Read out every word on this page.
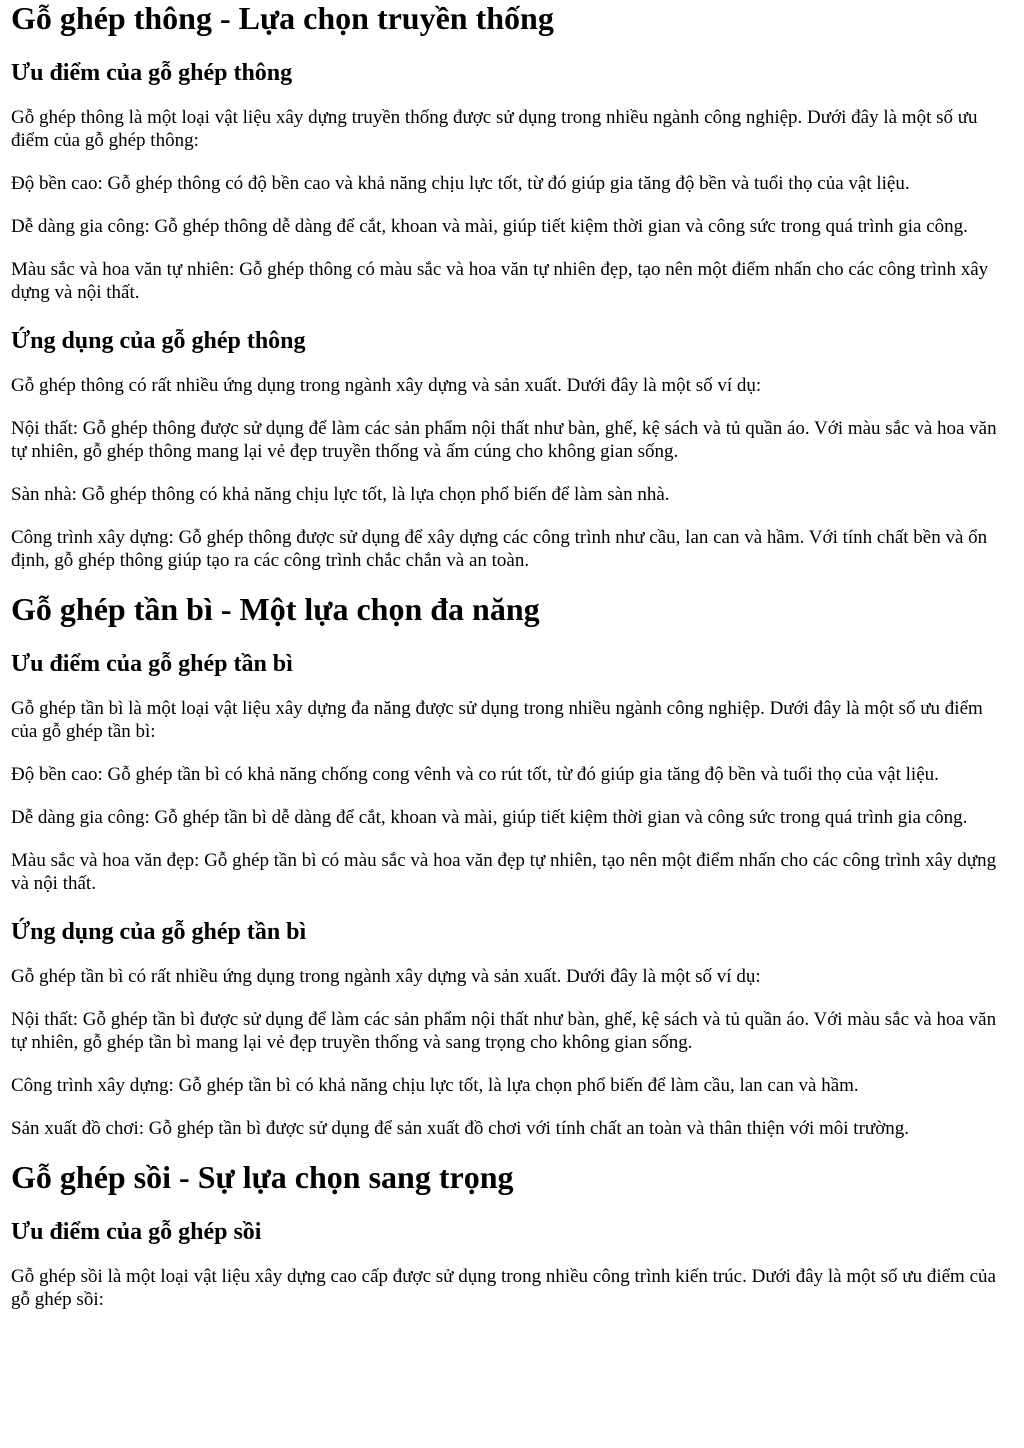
Gỗ ghép thông - Lựa chọn truyền thống
Ưu điểm của gỗ ghép thông

Gỗ ghép thông là một loại vật liệu xây dựng truyền thống được sử dụng trong nhiều ngành công nghiệp. Dưới đây là một số ưu điểm của gỗ ghép thông:

Độ bền cao: Gỗ ghép thông có độ bền cao và khả năng chịu lực tốt, từ đó giúp gia tăng độ bền và tuổi thọ của vật liệu.

Dễ dàng gia công: Gỗ ghép thông dễ dàng để cắt, khoan và mài, giúp tiết kiệm thời gian và công sức trong quá trình gia công.

Màu sắc và hoa văn tự nhiên: Gỗ ghép thông có màu sắc và hoa văn tự nhiên đẹp, tạo nên một điểm nhấn cho các công trình xây dựng và nội thất.

Ứng dụng của gỗ ghép thông

Gỗ ghép thông có rất nhiều ứng dụng trong ngành xây dựng và sản xuất. Dưới đây là một số ví dụ:

Nội thất: Gỗ ghép thông được sử dụng để làm các sản phẩm nội thất như bàn, ghế, kệ sách và tủ quần áo. Với màu sắc và hoa văn tự nhiên, gỗ ghép thông mang lại vẻ đẹp truyền thống và ấm cúng cho không gian sống.

Sàn nhà: Gỗ ghép thông có khả năng chịu lực tốt, là lựa chọn phổ biến để làm sàn nhà.

Công trình xây dựng: Gỗ ghép thông được sử dụng để xây dựng các công trình như cầu, lan can và hầm. Với tính chất bền và ổn định, gỗ ghép thông giúp tạo ra các công trình chắc chắn và an toàn.

Gỗ ghép tần bì - Một lựa chọn đa năng
Ưu điểm của gỗ ghép tần bì

Gỗ ghép tần bì là một loại vật liệu xây dựng đa năng được sử dụng trong nhiều ngành công nghiệp. Dưới đây là một số ưu điểm của gỗ ghép tần bì:

Độ bền cao: Gỗ ghép tần bì có khả năng chống cong vênh và co rút tốt, từ đó giúp gia tăng độ bền và tuổi thọ của vật liệu.

Dễ dàng gia công: Gỗ ghép tần bì dễ dàng để cắt, khoan và mài, giúp tiết kiệm thời gian và công sức trong quá trình gia công.

Màu sắc và hoa văn đẹp: Gỗ ghép tần bì có màu sắc và hoa văn đẹp tự nhiên, tạo nên một điểm nhấn cho các công trình xây dựng và nội thất.

Ứng dụng của gỗ ghép tần bì

Gỗ ghép tần bì có rất nhiều ứng dụng trong ngành xây dựng và sản xuất. Dưới đây là một số ví dụ:

Nội thất: Gỗ ghép tần bì được sử dụng để làm các sản phẩm nội thất như bàn, ghế, kệ sách và tủ quần áo. Với màu sắc và hoa văn tự nhiên, gỗ ghép tần bì mang lại vẻ đẹp truyền thống và sang trọng cho không gian sống.

Công trình xây dựng: Gỗ ghép tần bì có khả năng chịu lực tốt, là lựa chọn phổ biến để làm cầu, lan can và hầm.

Sản xuất đồ chơi: Gỗ ghép tần bì được sử dụng để sản xuất đồ chơi với tính chất an toàn và thân thiện với môi trường.

Gỗ ghép sồi - Sự lựa chọn sang trọng
Ưu điểm của gỗ ghép sồi

Gỗ ghép sồi là một loại vật liệu xây dựng cao cấp được sử dụng trong nhiều công trình kiến trúc. Dưới đây là một số ưu điểm của gỗ ghép sồi:
